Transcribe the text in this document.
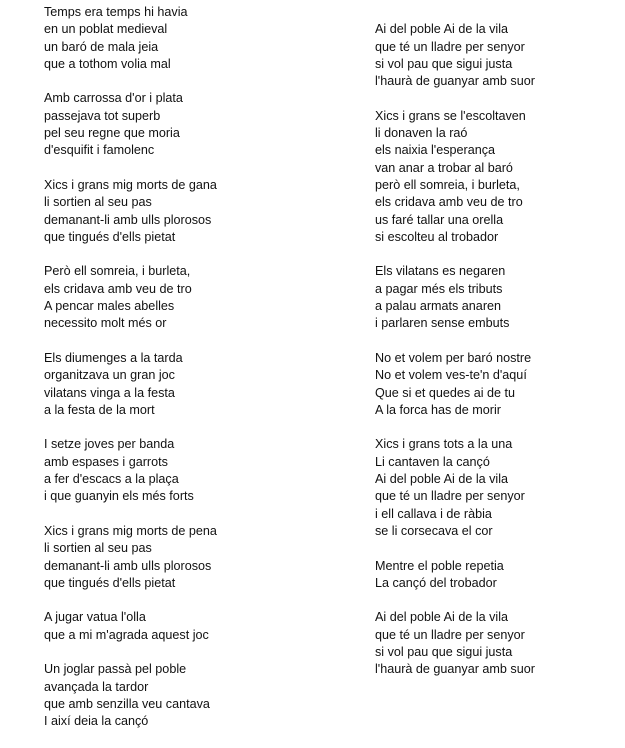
Temps era temps hi havia
en un poblat medieval
un baró de mala jeia
que a tothom volia mal
Amb carrossa d'or i plata
passejava tot superb
pel seu regne que moria
d'esquifit i famolenc
Xics i grans mig morts de gana
li sortien al seu pas
demanant-li amb ulls plorosos
que tingués d'ells pietat
Però ell somreia, i burleta,
els cridava amb veu de tro
A pencar males abelles
necessito molt més or
Els diumenges a la tarda
organitzava un gran joc
vilatans vinga a la festa
a la festa de la mort
I setze joves per banda
amb espases i garrots
a fer d'escacs a la plaça
i que guanyin els més forts
Xics i grans mig morts de pena
li sortien al seu pas
demanant-li amb ulls plorosos
que tingués d'ells pietat
A jugar vatua l'olla
que a mi m'agrada aquest joc
Un joglar passà pel poble
avançada la tardor
que amb senzilla veu cantava
I així deia la cançó
Ai del poble Ai de la vila
que té un lladre per senyor
si vol pau que sigui justa
l'haurà de guanyar amb suor
Xics i grans se l'escoltaven
li donaven la raó
els naixia l'esperança
van anar a trobar al baró
però ell somreia, i burleta,
els cridava amb veu de tro
us faré tallar una orella
si escolteu al trobador
Els vilatans es negaren
a pagar més els tributs
a palau armats anaren
i parlaren sense embuts
No et volem per baró nostre
No et volem ves-te'n d'aquí
Que si et quedes ai de tu
A la forca has de morir
Xics i grans tots a la una
Li cantaven la cançó
Ai del poble Ai de la vila
que té un lladre per senyor
i ell callava i de ràbia
se li corsecava el cor
Mentre el poble repetia
La cançó del trobador
Ai del poble Ai de la vila
que té un lladre per senyor
si vol pau que sigui justa
l'haurà de guanyar amb suor
